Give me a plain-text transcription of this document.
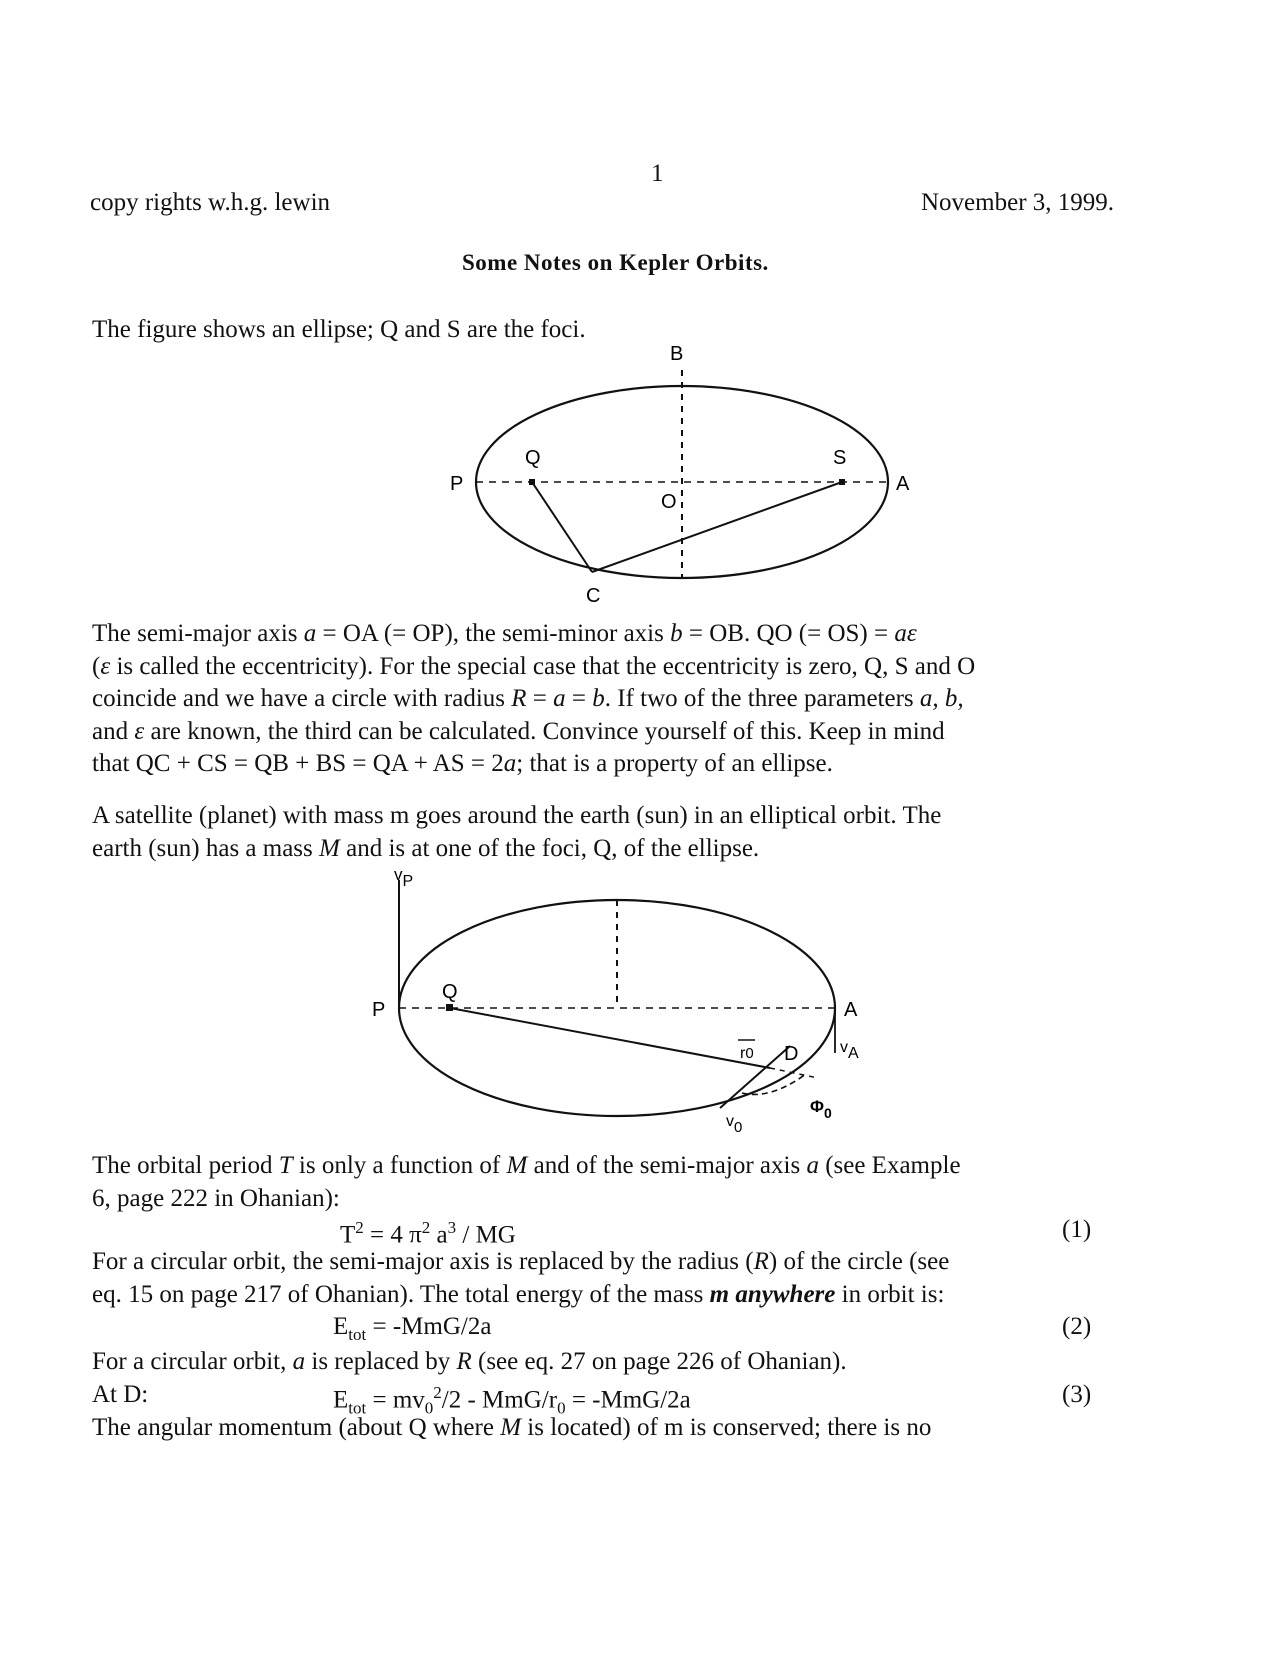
1
copy rights w.h.g. lewin	November 3, 1999.
Some Notes on Kepler Orbits.
The figure shows an ellipse; Q and S are the foci.
B
P
Q	S
A
O
C
The semi-major axis a = OA (= OP), the semi-minor axis b = OB. QO (= OS) = aε
(ε is called the eccentricity). For the special case that the eccentricity is zero, Q, S and O
coincide and we have a circle with radius R = a = b. If two of the three parameters a, b,
and ε are known, the third can be calculated. Convince yourself of this. Keep in mind
that QC + CS = QB + BS = QA + AS = 2a; that is a property of an ellipse.
A satellite (planet) with mass m goes around the earth (sun) in an elliptical orbit. The
earth (sun) has a mass M and is at one of the foci, Q, of the ellipse.
vP
P
Q
A
vA
D
r0
v0
$\Phi_0$
The orbital period T is only a function of M and of the semi-major axis a (see Example
6, page 222 in Ohanian):
$T^2 = 4$ $\pi^2$ $a^3$ / MG	(1)
For a circular orbit, the semi-major axis is replaced by the radius (R) of the circle (see
eq. 15 on page 217 of Ohanian). The total energy of the mass m anywhere in orbit is:
$E_{tot} = -MmG/2a$	(2)
For a circular orbit, a is replaced by R (see eq. 27 on page 226 of Ohanian).
At D:	$E_{tot} = mv_0^2/2 - MmG/r_0 = -MmG/2a$	(3)
The angular momentum (about Q where M is located) of m is conserved; there is no
